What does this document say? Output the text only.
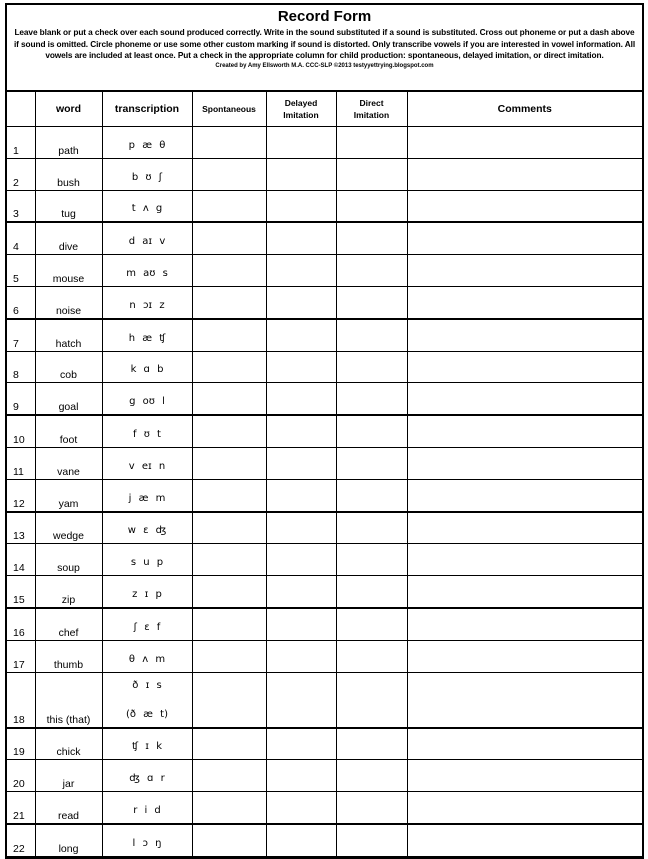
Record Form
Leave blank or put a check over each sound produced correctly. Write in the sound substituted if a sound is substituted. Cross out phoneme or put a dash above if sound is omitted. Circle phoneme or use some other custom marking if sound is distorted. Only transcribe vowels if you are interested in vowel information. All vowels are included at least once. Put a check in the appropriate column for child production: spontaneous, delayed imitation, or direct imitation.
Created by Amy Ellsworth M.A. CCC-SLP ©2013 testyyettrying.blogspot.com
	word	transcription	Spontaneous	Delayed Imitation	Direct Imitation	Comments
1	path	p æ θ				

2	bush	b ʊ ʃ				

3	tug	t ʌ g				

4	dive	d aɪ v				

5	mouse	m aʊ s				

6	noise	n ɔɪ z				

7	hatch	h æ ʧ				

8	cob	k ɑ b				

9	goal	g oʊ l				

10	foot	f ʊ t				

11	vane	v eɪ n				

12	yam	j æ m				

13	wedge	w ɛ ʤ				

14	soup	s u p				

15	zip	z ɪ p				

16	chef	ʃ ɛ f				

17	thumb	θ ʌ m				

18	this (that)	ð ɪ s
(ð æ t)				

19	chick	ʧ ɪ k				

20	jar	ʤ ɑ r				

21	read	r i d				

22	long	l ɔ ŋ				
